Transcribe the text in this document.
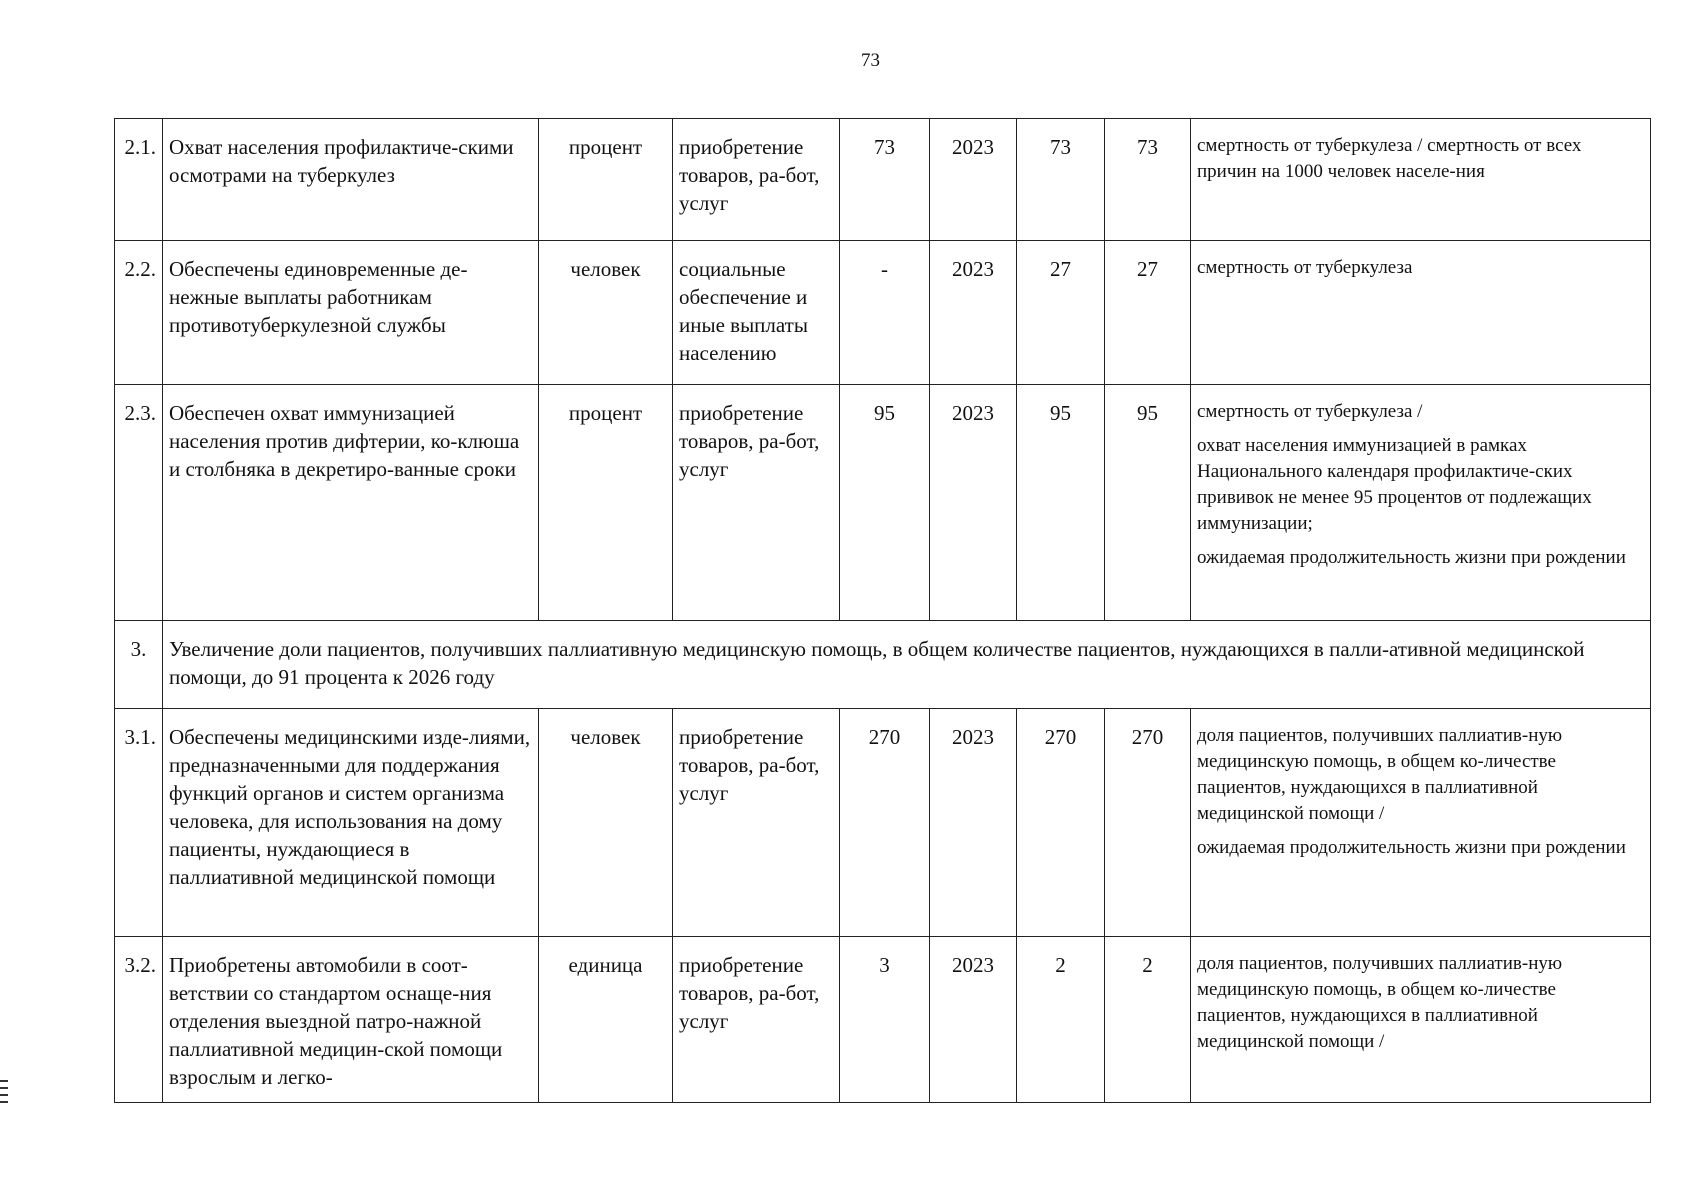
73
2.1.	Охват населения профилактиче-скими осмотрами на туберкулез	процент	приобретение товаров, ра-бот, услуг	73	2023	73	73	смертность от туберкулеза / смертность от всех причин на 1000 человек населе-ния

2.2.	Обеспечены единовременные де-нежные выплаты работникам противотуберкулезной службы	человек	социальные обеспечение и иные выплаты населению	-	2023	27	27	смертность от туберкулеза

2.3.	Обеспечен охват иммунизацией населения против дифтерии, ко-клюша и столбняка в декретиро-ванные сроки	процент	приобретение товаров, ра-бот, услуг	95	2023	95	95	смертность от туберкулеза /

охват населения иммунизацией в рамках Национального календаря профилактиче-ских прививок не менее 95 процентов от подлежащих иммунизации;

ожидаемая продолжительность жизни при рождении

3.	Увеличение доли пациентов, получивших паллиативную медицинскую помощь, в общем количестве пациентов, нуждающихся в палли-ативной медицинской помощи, до 91 процента к 2026 году							
3.1.	Обеспечены медицинскими изде-лиями, предназначенными для поддержания функций органов и систем организма человека, для использования на дому пациенты, нуждающиеся в паллиативной медицинской помощи	человек	приобретение товаров, ра-бот, услуг	270	2023	270	270	доля пациентов, получивших паллиатив-ную медицинскую помощь, в общем ко-личестве пациентов, нуждающихся в паллиативной медицинской помощи /

ожидаемая продолжительность жизни при рождении

3.2.	Приобретены автомобили в соот-ветствии со стандартом оснаще-ния отделения выездной патро-нажной паллиативной медицин-ской помощи взрослым и легко-	единица	приобретение товаров, ра-бот, услуг	3	2023	2	2	доля пациентов, получивших паллиатив-ную медицинскую помощь, в общем ко-личестве пациентов, нуждающихся в паллиативной медицинской помощи /
